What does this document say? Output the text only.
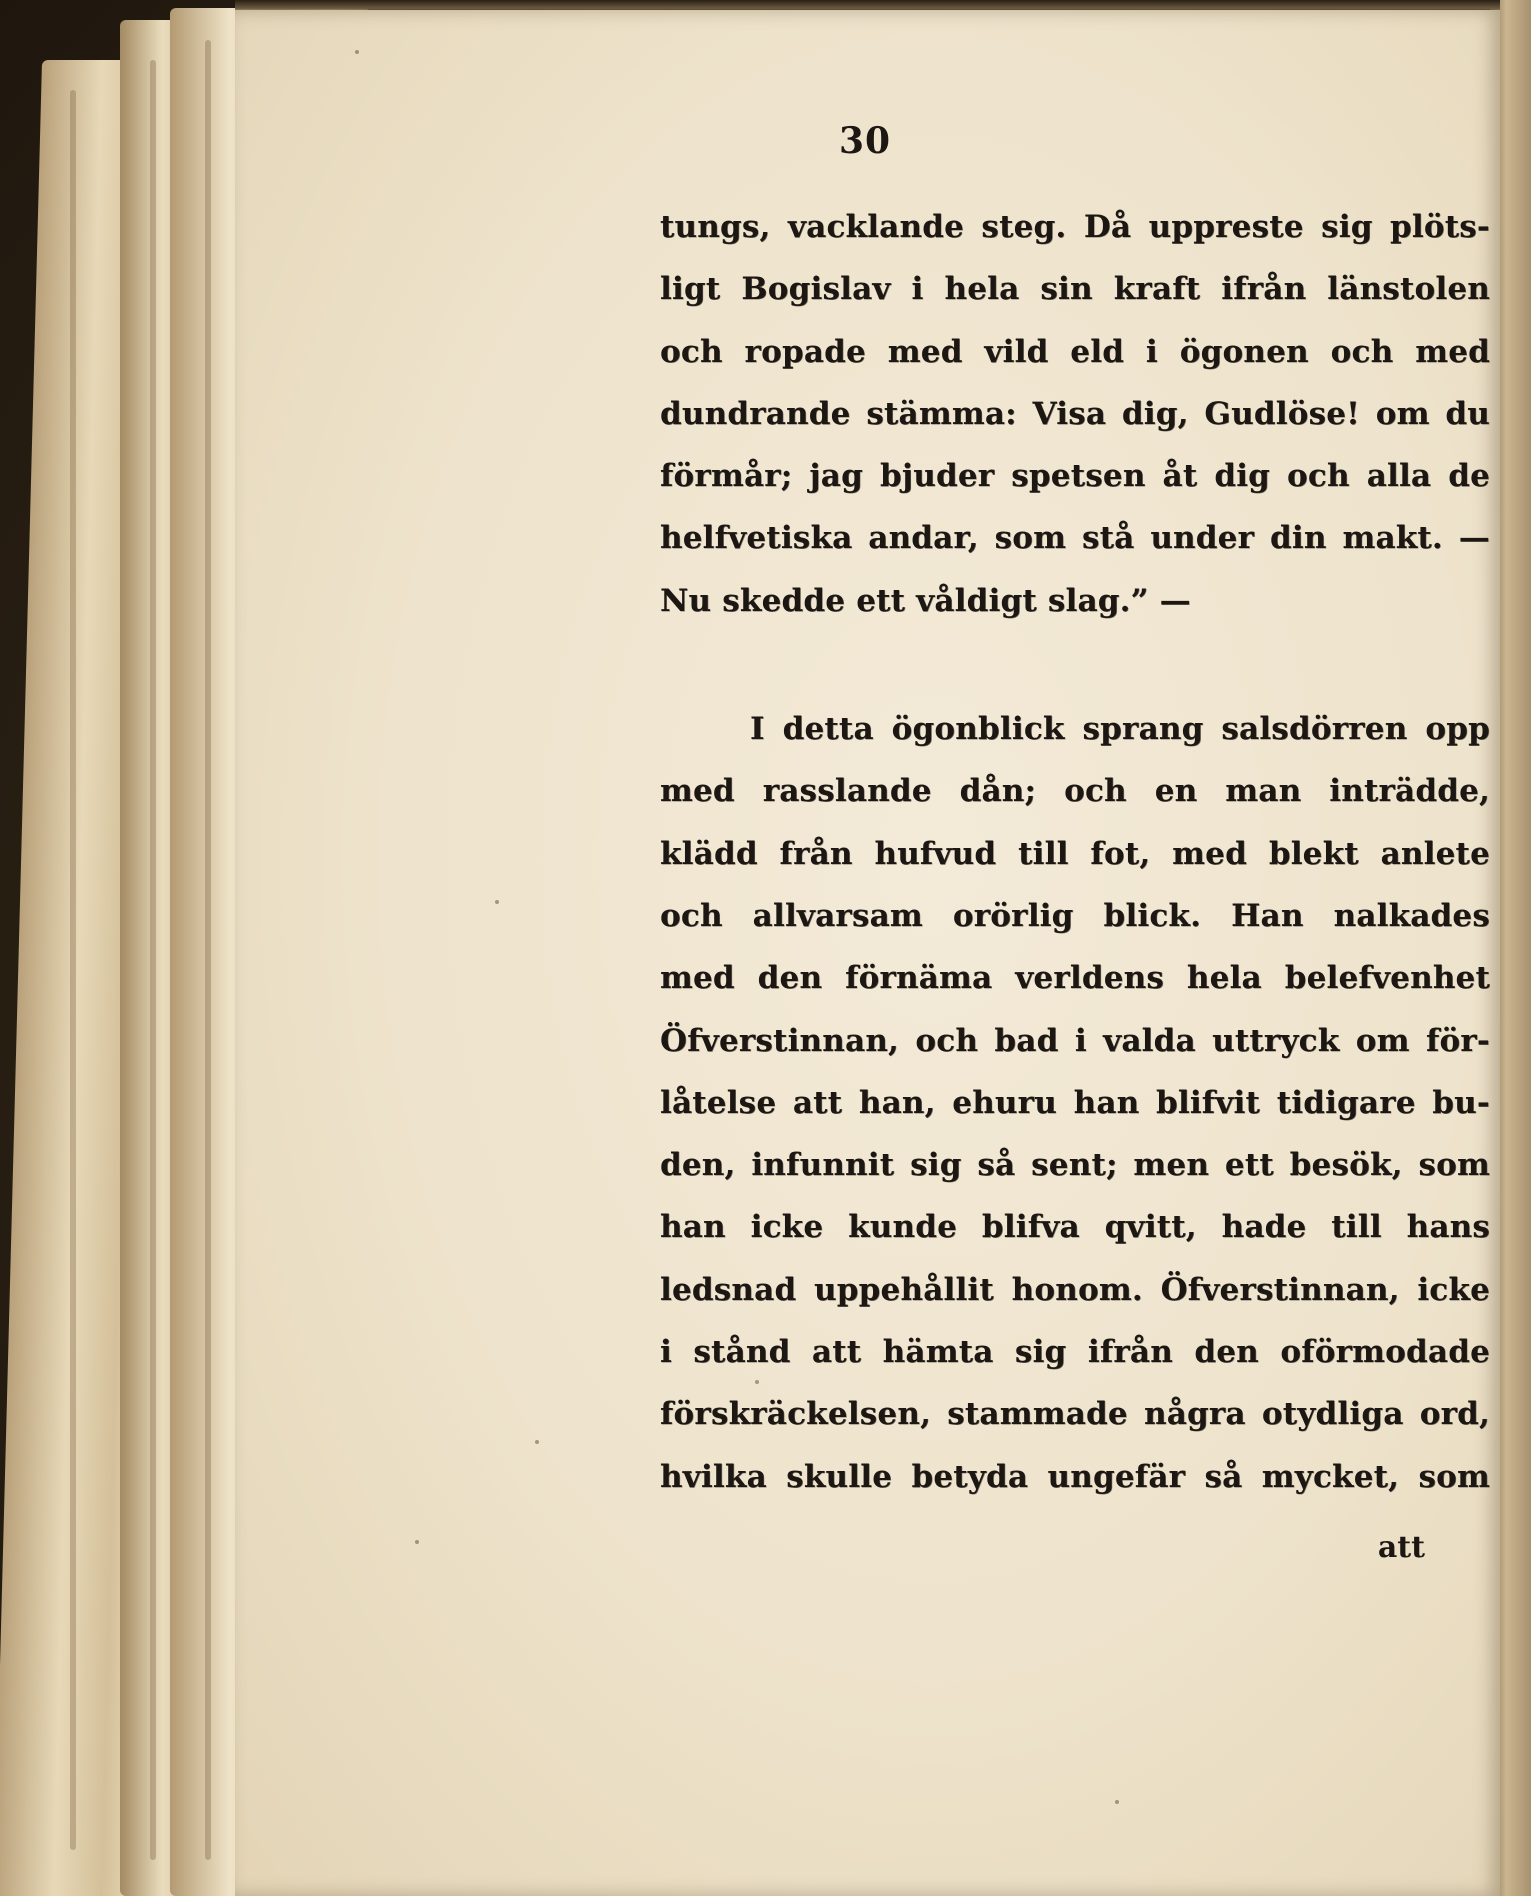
30
tungs, vacklande steg. Då uppreste sig plöts-
ligt Bogislav i hela sin kraft ifrån länstolen
och ropade med vild eld i ögonen och med
dundrande stämma: Visa dig, Gudlöse! om du
förmår; jag bjuder spetsen åt dig och alla de
helfvetiska andar, som stå under din makt. —
Nu skedde ett våldigt slag.” —
I detta ögonblick sprang salsdörren opp
med rasslande dån; och en man inträdde,
klädd från hufvud till fot, med blekt anlete
och allvarsam orörlig blick. Han nalkades
med den förnäma verldens hela belefvenhet
Öfverstinnan, och bad i valda uttryck om för-
låtelse att han, ehuru han blifvit tidigare bu-
den, infunnit sig så sent; men ett besök, som
han icke kunde blifva qvitt, hade till hans
ledsnad uppehållit honom. Öfverstinnan, icke
i stånd att hämta sig ifrån den oförmodade
förskräckelsen, stammade några otydliga ord,
hvilka skulle betyda ungefär så mycket, som
att
